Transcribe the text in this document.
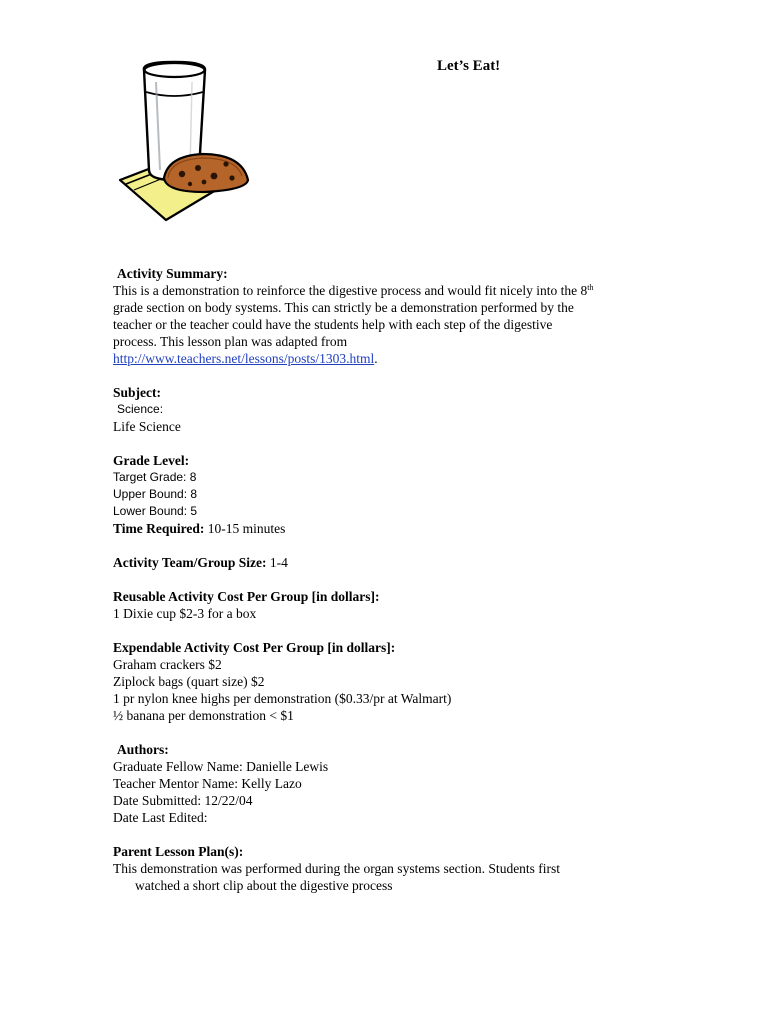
Let’s Eat!
Activity Summary:
This is a demonstration to reinforce the digestive process and would fit nicely into the 8th
grade section on body systems. This can strictly be a demonstration performed by the
teacher or the teacher could have the students help with each step of the digestive
process. This lesson plan was adapted from
http://www.teachers.net/lessons/posts/1303.html.
Subject:
Science:
Life Science
Grade Level:
Target Grade: 8
Upper Bound: 8
Lower Bound: 5
Time Required: 10-15 minutes
Activity Team/Group Size: 1-4
Reusable Activity Cost Per Group [in dollars]:
1 Dixie cup $2-3 for a box
Expendable Activity Cost Per Group [in dollars]:
Graham crackers $2
Ziplock bags (quart size) $2
1 pr nylon knee highs per demonstration ($0.33/pr at Walmart)
½ banana per demonstration < $1
Authors:
Graduate Fellow Name: Danielle Lewis
Teacher Mentor Name: Kelly Lazo
Date Submitted: 12/22/04
Date Last Edited:
Parent Lesson Plan(s):
This demonstration was performed during the organ systems section. Students first
watched a short clip about the digestive process
